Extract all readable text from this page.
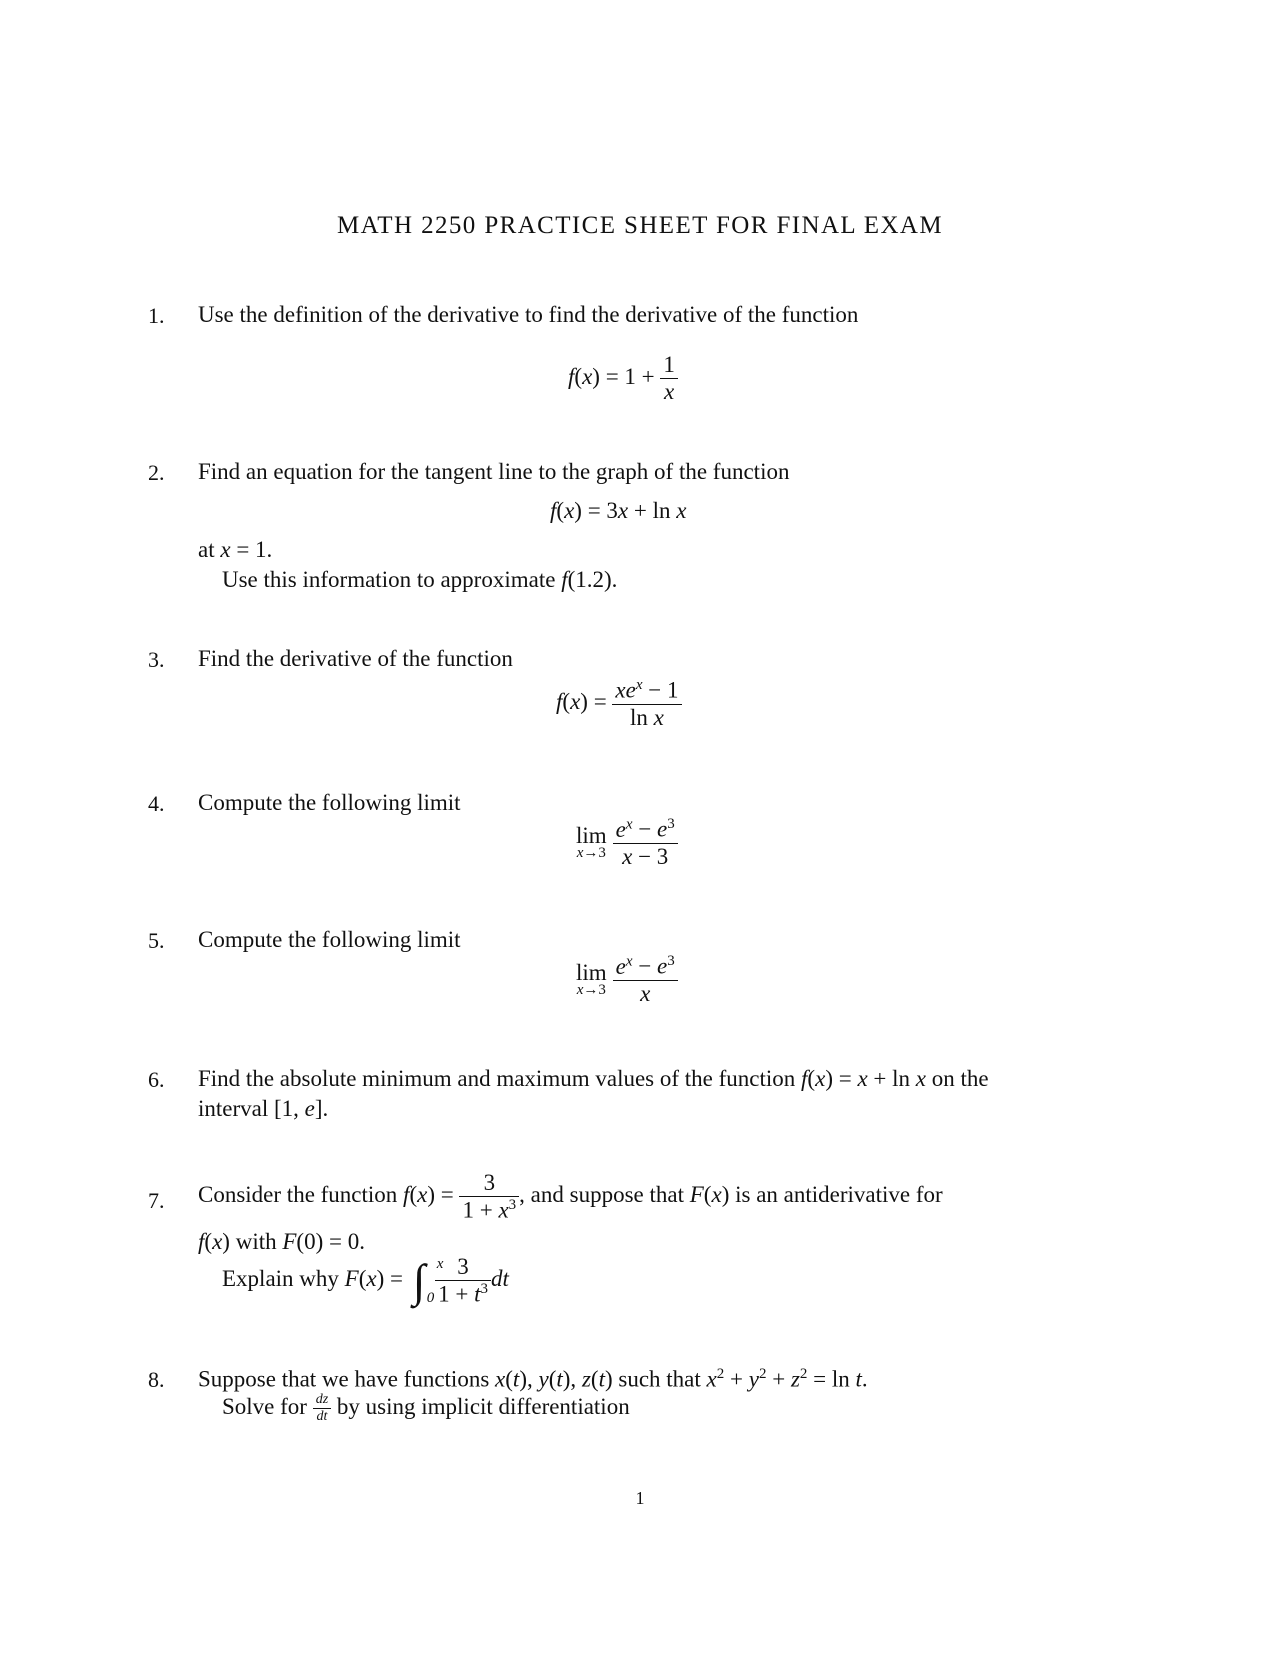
MATH 2250 PRACTICE SHEET FOR FINAL EXAM
1. Use the definition of the derivative to find the derivative of the function
$f(x) = 1 + \frac{1}{x}$
2. Find an equation for the tangent line to the graph of the function
f(x) = 3x + ln x
at x = 1.
Use this information to approximate f(1.2).
3. Find the derivative of the function
$f(x) = \frac{xe^x - 1}{\text{ln x}}$
4. Compute the following limit
lim
$x\to 3 \frac{e^x - e^3}{x - 3}$
5. Compute the following limit
lim
$x\to 3 \frac{e^x - e^3}{x}$
6. Find the absolute minimum and maximum values of the function f(x) = x + ln x on the
interval [1, e].
7. Consider the function $f(x) = \frac{3}{1 + x^3}$ , and suppose that F(x) is an antiderivative for
f(x) with F(0) = 0.
Explain why F(x) = ∫ x
0
$\frac{3}{1 + t^3}$ dt
8. Suppose that we have functions x(t), y(t), z(t) such that $x^2 + y^2 + z^2 = \ln t$.
Solve for $\frac{dz}{dt}$ by using implicit differentiation
1
